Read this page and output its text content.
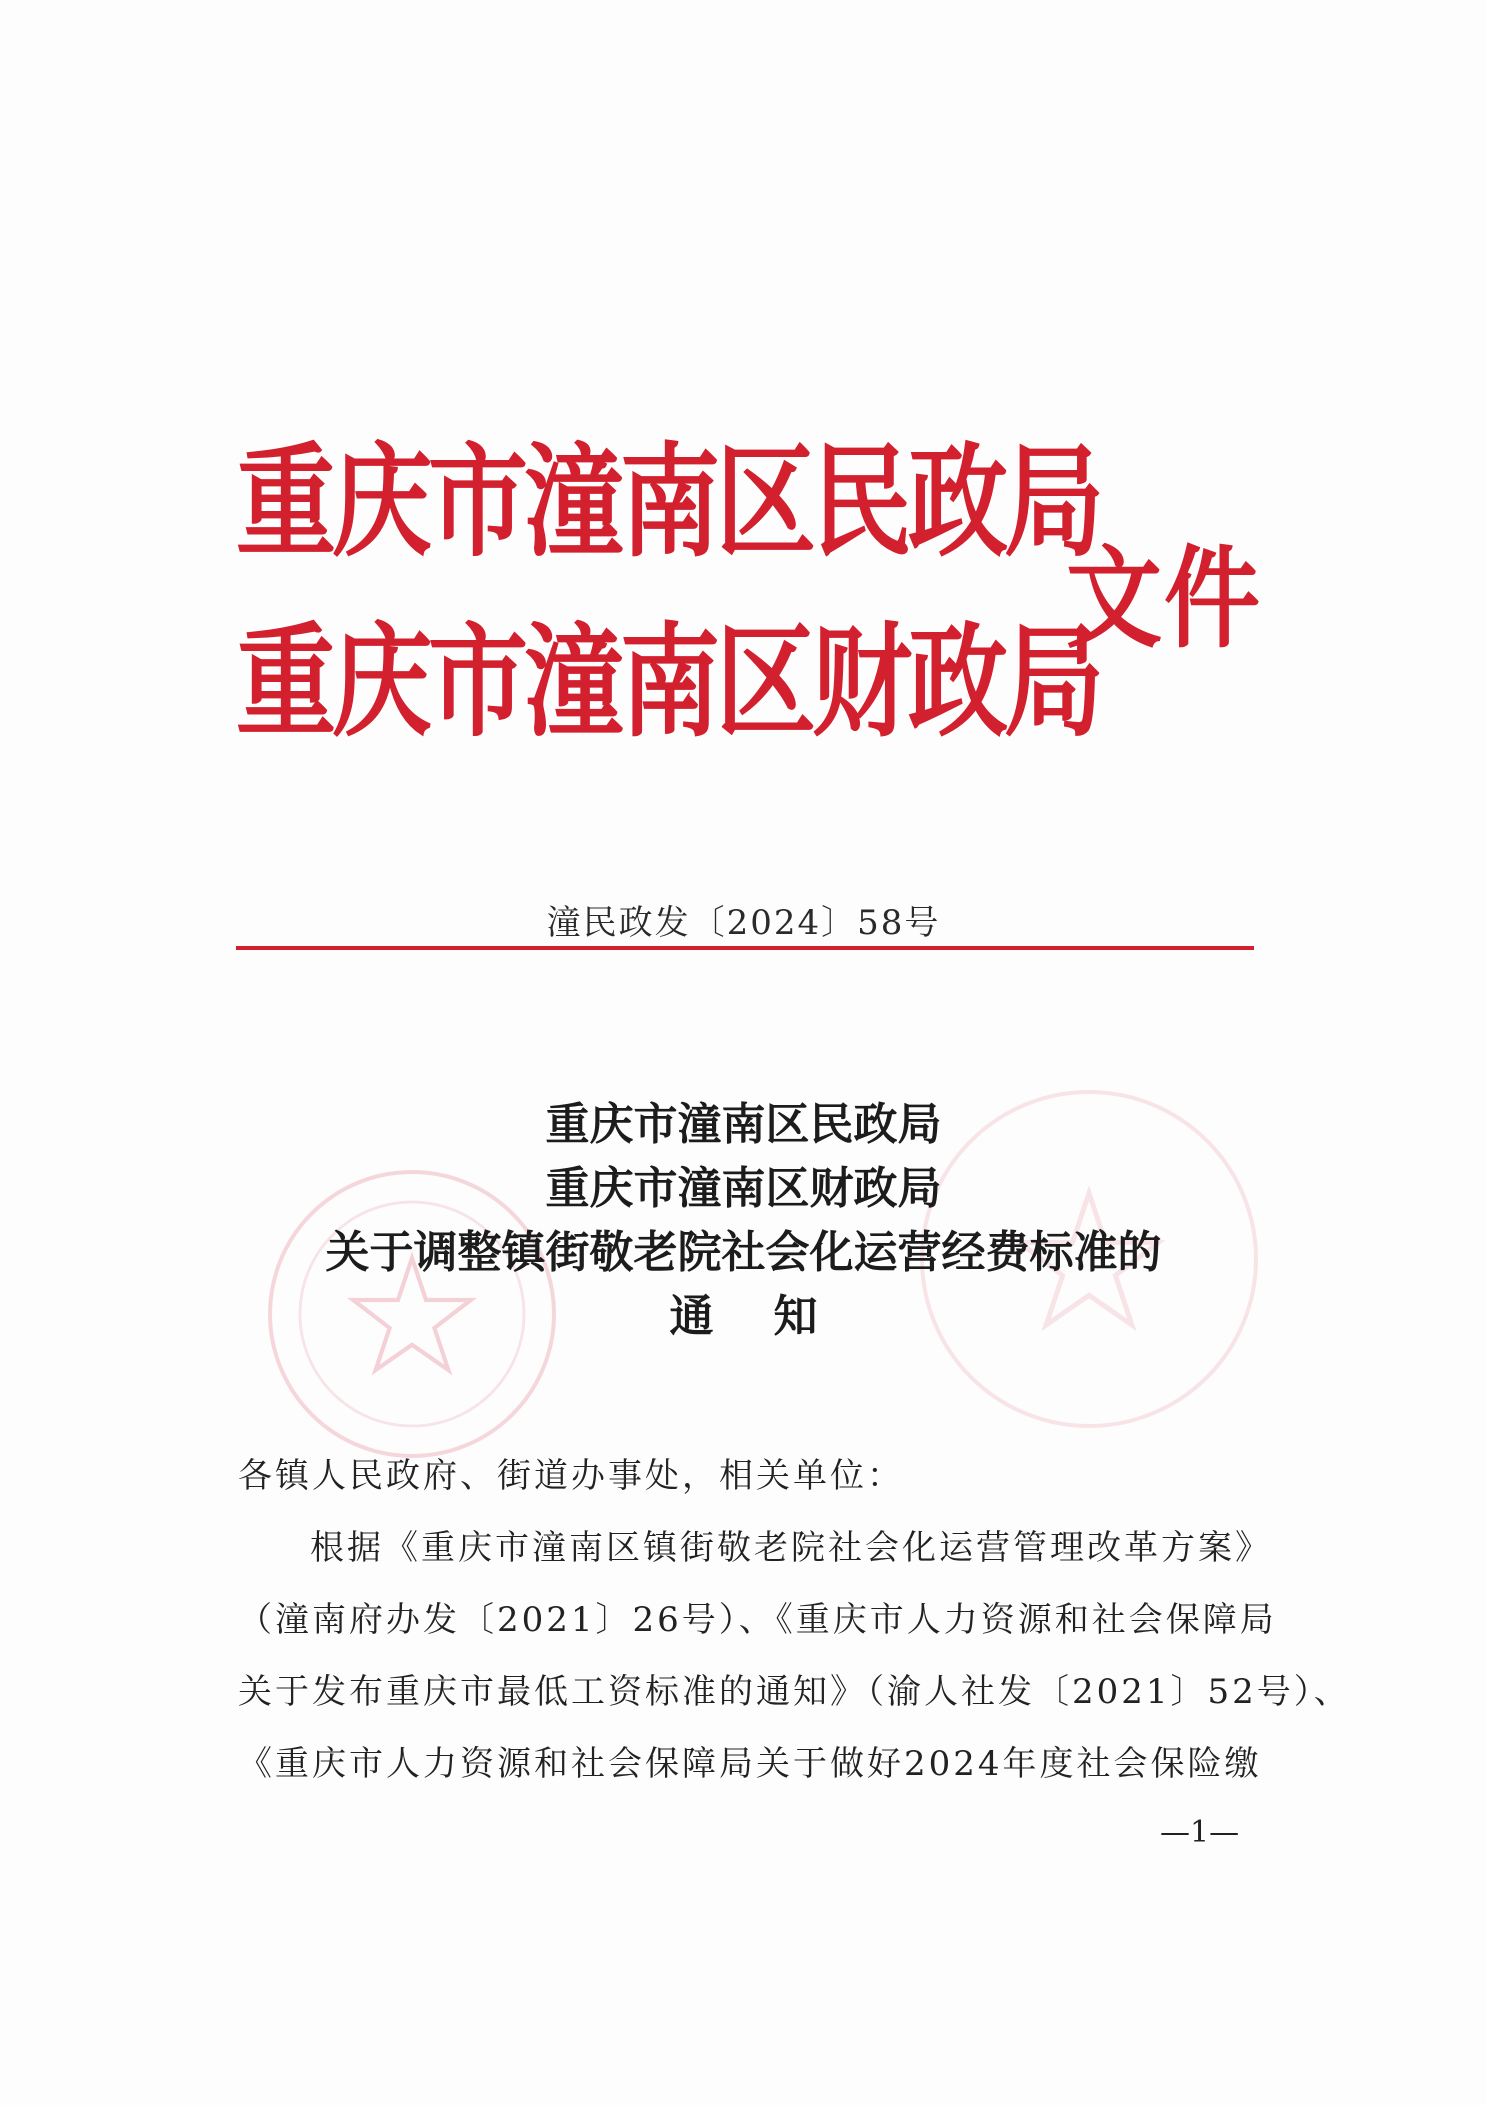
重庆市潼南区民政局
重庆市潼南区财政局
文件
潼民政发〔2024〕58号
重庆市潼南区民政局
重庆市潼南区财政局
关于调整镇街敬老院社会化运营经费标准的
通知
各镇人民政府、街道办事处，相关单位：
根据《重庆市潼南区镇街敬老院社会化运营管理改革方案》
（潼南府办发〔2021〕26号）、《重庆市人力资源和社会保障局
关于发布重庆市最低工资标准的通知》（渝人社发〔2021〕52号）、
《重庆市人力资源和社会保障局关于做好2024年度社会保险缴
—1—
